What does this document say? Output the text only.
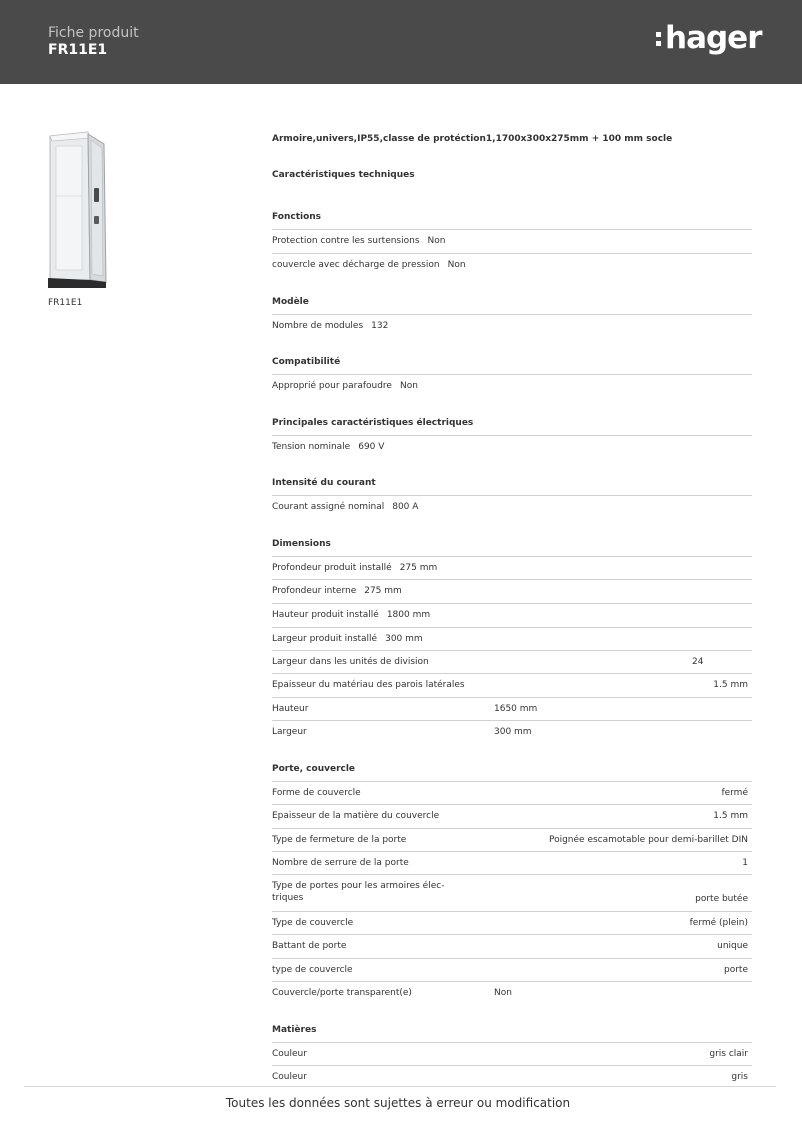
Fiche produit
FR11E1	hager
FR11E1
Armoire,univers,IP55,classe de protéction1,1700x300x275mm + 100 mm socle
Caractéristiques techniques
Fonctions
Protection contre les surtensions Non
couvercle avec décharge de pression Non
Modèle
Nombre de modules 132
Compatibilité
Approprié pour parafoudre Non
Principales caractéristiques électriques
Tension nominale 690 V
Intensité du courant
Courant assigné nominal 800 A
Dimensions
Profondeur produit installé 275 mm
Profondeur interne 275 mm
Hauteur produit installé 1800 mm
Largeur produit installé 300 mm
Largeur dans les unités de division	24
Epaisseur du matériau des parois latérales	1.5 mm
Hauteur	1650 mm
Largeur	300 mm
Porte, couvercle
Forme de couvercle	fermé
Epaisseur de la matière du couvercle	1.5 mm
Type de fermeture de la porte	Poignée escamotable pour demi-barillet DIN
Nombre de serrure de la porte	1
Type de portes pour les armoires élec-
triques	porte butée
Type de couvercle	fermé (plein)
Battant de porte	unique
type de couvercle	porte
Couvercle/porte transparent(e)	Non
Matières
Couleur	gris clair
Couleur	gris
Toutes les données sont sujettes à erreur ou modification
